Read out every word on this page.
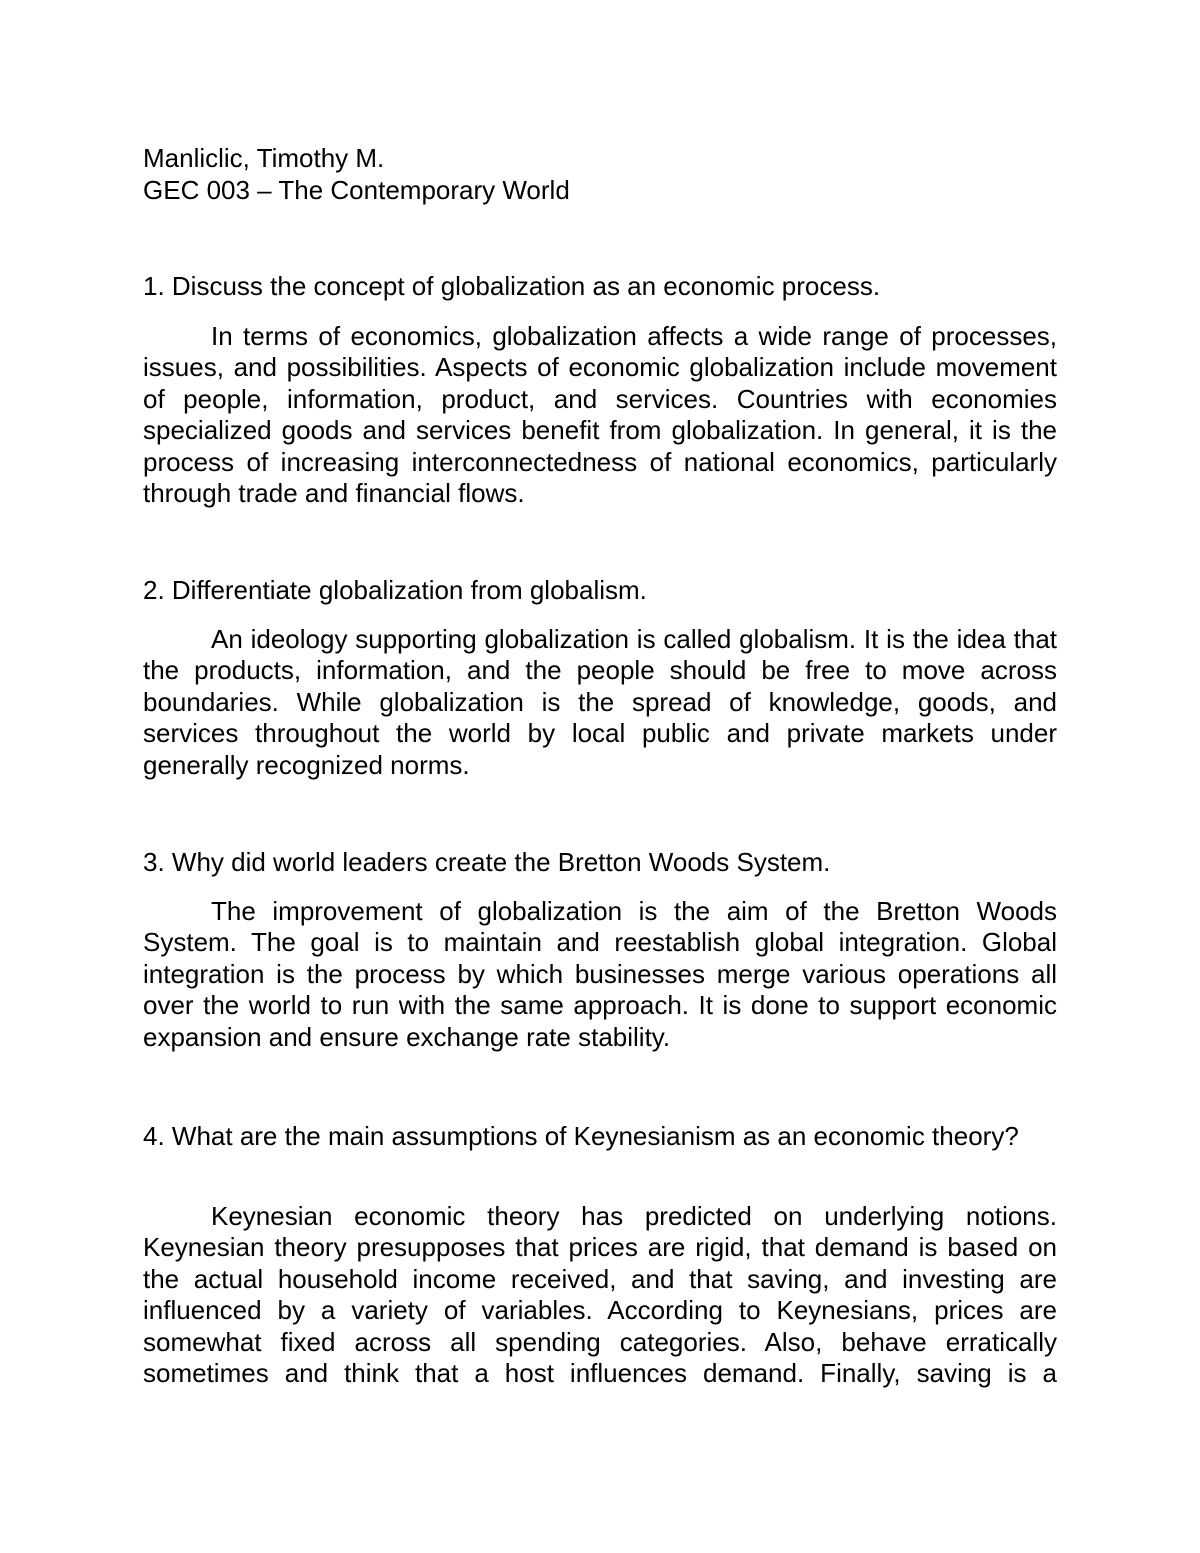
Manliclic, Timothy M.

GEC 003 – The Contemporary World

1. Discuss the concept of globalization as an economic process.

In terms of economics, globalization affects a wide range of processes, issues, and possibilities. Aspects of economic globalization include movement of people, information, product, and services. Countries with economies specialized goods and services benefit from globalization. In general, it is the process of increasing interconnectedness of national economics, particularly through trade and financial flows.

2. Differentiate globalization from globalism.

An ideology supporting globalization is called globalism. It is the idea that the products, information, and the people should be free to move across boundaries. While globalization is the spread of knowledge, goods, and services throughout the world by local public and private markets under generally recognized norms.

3. Why did world leaders create the Bretton Woods System.

The improvement of globalization is the aim of the Bretton Woods System. The goal is to maintain and reestablish global integration. Global integration is the process by which businesses merge various operations all over the world to run with the same approach. It is done to support economic expansion and ensure exchange rate stability.

4. What are the main assumptions of Keynesianism as an economic theory?

Keynesian economic theory has predicted on underlying notions. Keynesian theory presupposes that prices are rigid, that demand is based on the actual household income received, and that saving, and investing are influenced by a variety of variables. According to Keynesians, prices are somewhat fixed across all spending categories. Also, behave erratically sometimes and think that a host influences demand. Finally, saving is a
